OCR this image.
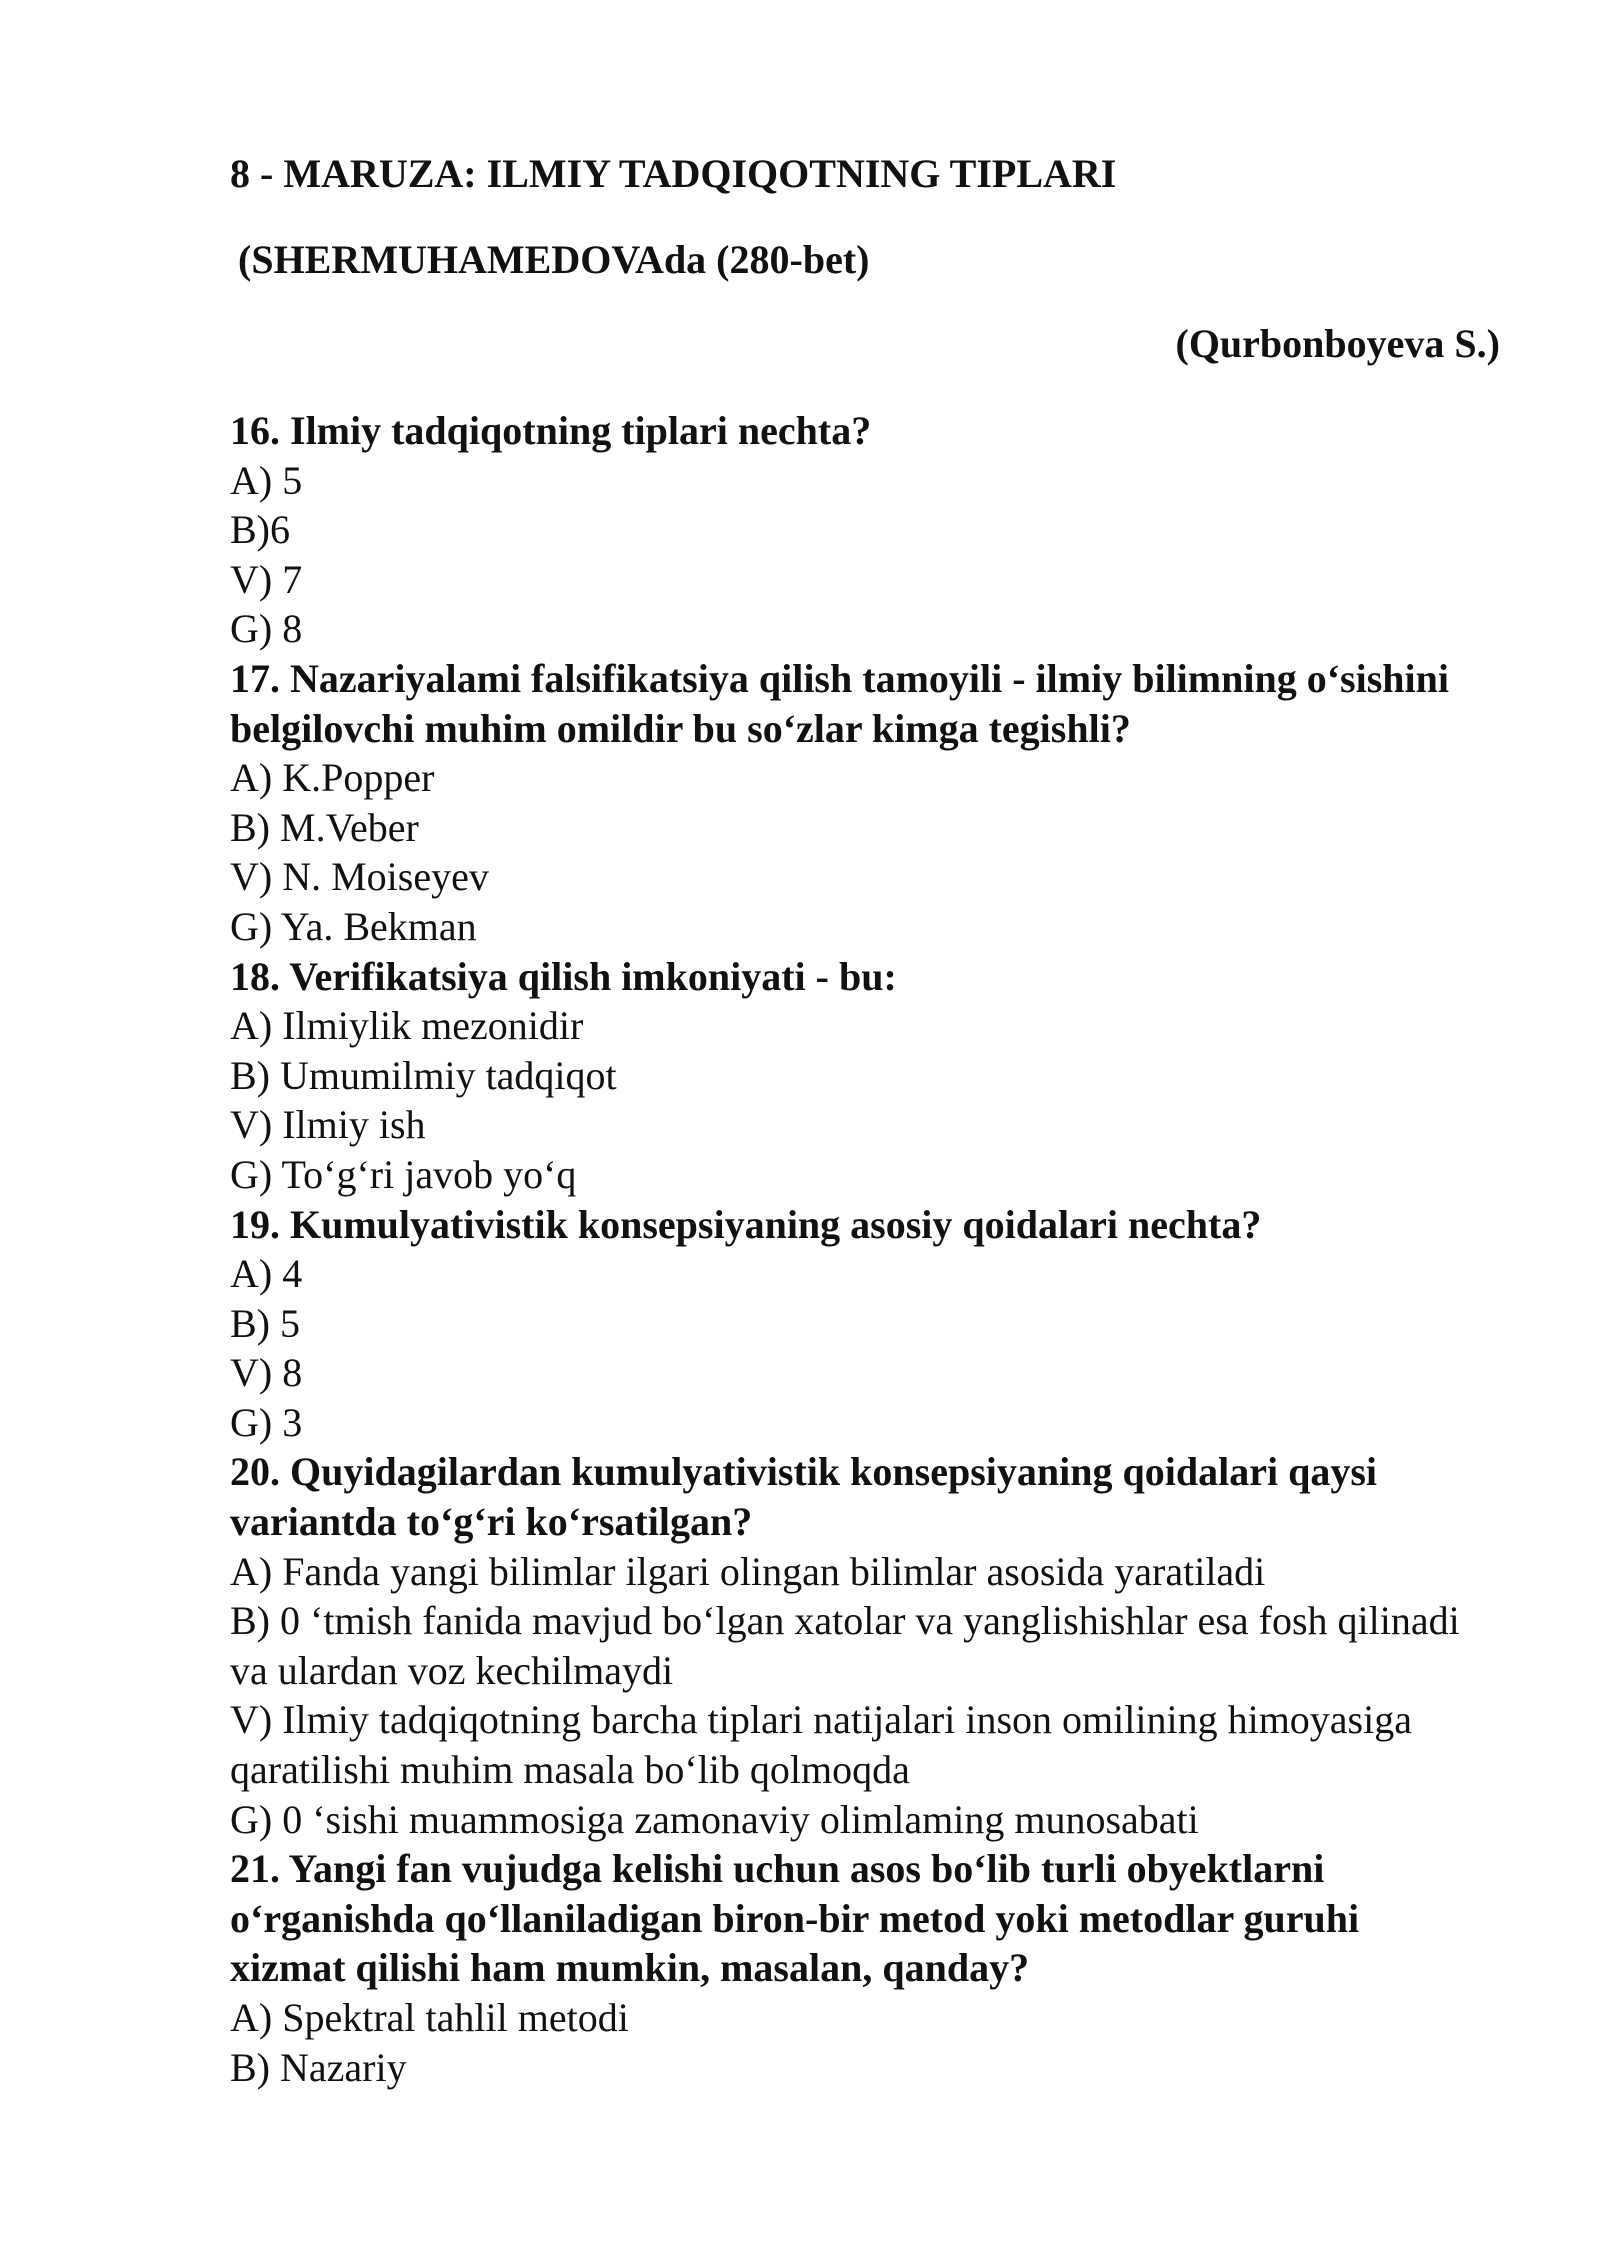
8 - MARUZA: ILMIY TADQIQOTNING TIPLARI
(SHERMUHAMEDOVAda (280-bet)
(Qurbonboyeva S.)

16. Ilmiy tadqiqotning tiplari nechta?

A) 5

B)6

V) 7

G) 8

17. Nazariyalami falsifikatsiya qilish tamoyili - ilmiy bilimning o‘sishini belgilovchi muhim omildir bu so‘zlar kimga tegishli?

A) K.Popper

B) M.Veber

V) N. Moiseyev

G) Ya. Bekman

18. Verifikatsiya qilish imkoniyati - bu:

A) Ilmiylik mezonidir

B) Umumilmiy tadqiqot

V) Ilmiy ish

G) To‘g‘ri javob yo‘q

19. Kumulyativistik konsepsiyaning asosiy qoidalari nechta?

A) 4

B) 5

V) 8

G) 3

20. Quyidagilardan kumulyativistik konsepsiyaning qoidalari qaysi variantda to‘g‘ri ko‘rsatilgan?

A) Fanda yangi bilimlar ilgari olingan bilimlar asosida yaratiladi

B) 0 ‘tmish fanida mavjud bo‘lgan xatolar va yanglishishlar esa fosh qilinadi va ulardan voz kechilmaydi

V) Ilmiy tadqiqotning barcha tiplari natijalari inson omilining himoyasiga qaratilishi muhim masala bo‘lib qolmoqda

G) 0 ‘sishi muammosiga zamonaviy olimlaming munosabati

21. Yangi fan vujudga kelishi uchun asos bo‘lib turli obyektlarni o‘rganishda qo‘llaniladigan biron-bir metod yoki metodlar guruhi xizmat qilishi ham mumkin, masalan, qanday?

A) Spektral tahlil metodi

B) Nazariy
